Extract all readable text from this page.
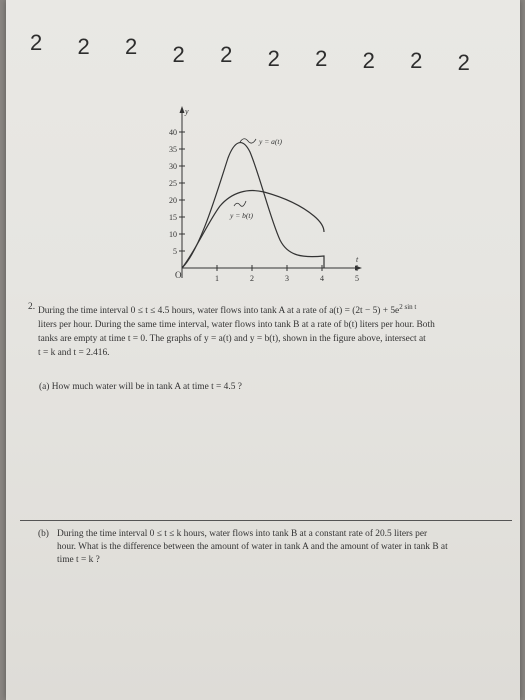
2 2 2 2 2 2 2 2 2 2
y
t
O
40
35
30
25
20
15
10
5
1	2	3	4	5
y = a(t)
y = b(t)
2. During the time interval 0 ≤ t ≤ 4.5 hours, water flows into tank A at a rate of $a(t) = (2t - 5) + 5e^{2 sin t}$
liters per hour. During the same time interval, water flows into tank B at a rate of b(t) liters per hour. Both
tanks are empty at time t = 0. The graphs of y = a(t) and y = b(t), shown in the figure above, intersect at
t = k and t = 2.416.
(a) How much water will be in tank A at time t = 4.5 ?
(b) During the time interval 0 ≤ t ≤ k hours, water flows into tank B at a constant rate of 20.5 liters per
hour. What is the difference between the amount of water in tank A and the amount of water in tank B at
time t = k ?
